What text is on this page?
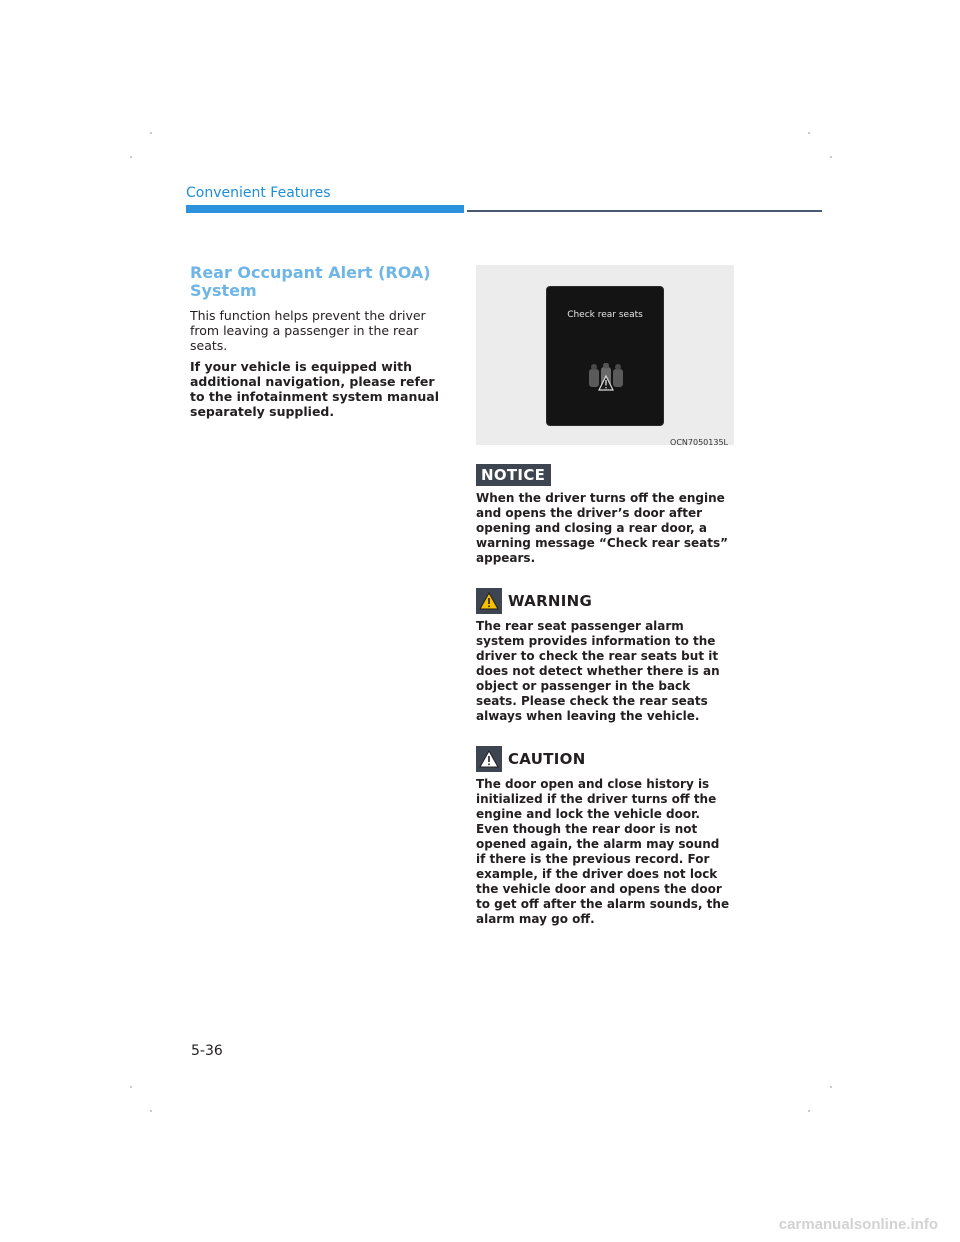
Convenient Features
Rear Occupant Alert (ROA) System

This function helps prevent the driver from leaving a passenger in the rear seats.

If your vehicle is equipped with additional navigation, please refer to the infotainment system manual separately supplied.

Check rear seats
OCN7050135L
NOTICE

When the driver turns off the engine and opens the driver’s door after opening and closing a rear door, a warning message “Check rear seats” appears.

WARNING

The rear seat passenger alarm system provides information to the driver to check the rear seats but it does not detect whether there is an object or passenger in the back seats. Please check the rear seats always when leaving the vehicle.

CAUTION

The door open and close history is initialized if the driver turns off the engine and lock the vehicle door. Even though the rear door is not opened again, the alarm may sound if there is the previous record. For example, if the driver does not lock the vehicle door and opens the door to get off after the alarm sounds, the alarm may go off.

5-36
carmanualsonline.info
